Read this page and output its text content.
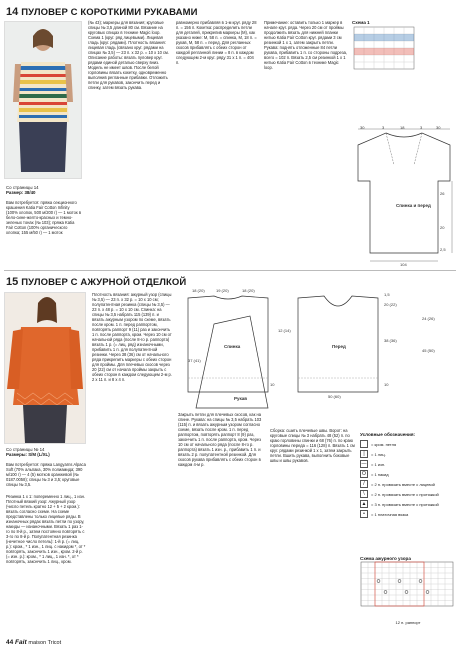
14 ПУЛОВЕР С КОРОТКИМИ РУКАВАМИ
Со страницы 14
Размер: 38/40
Вам потребуется: пряжа секционного крашения Katia Fair Cotton Infinity (100% хлопок, 500 м/200 г) — 1 моток в бело-сине-желто-красных и темно-зеленых тонах (№ 103); пряжа Katia Fair Cotton (100% органического хлопка; 155 м/50 г) — 1 моток
(№ 43); маркеры для вязания; круговые спицы № 3,5 длиной 80 см. Вязание на круговых спицах в технике Magic loop. Схема 1 (круг. ряд лицевыми). Лицевая гладь (круг. рядами). Плотность вязания: лицевая гладь (связано круг. рядами на спицах № 3,5) — 23 п. x 32 р. = 10 x 10 см. Описание работы: вязать пуловер круг. рядами единой деталью сверху вниз. Модель не имеет швов. После белой горловины вязать кокетку, одновременно выполнив регланные прибавки. Отложить петли для рукавов, закончить перед и спинку, затем вязать рукава.
равномерно прибавляя в 1-м круг. ряду 28 п. = 156 п. Кокетка: распределить петли для деталей, прикрепив маркеры (М), как указано ниже: М, 58 п. = спинка, М, 18 п. = рукав, М, 58 п. = перед. Для регланных скосов прибавлять с обеих сторон от каждой регланной линии = 8 п. в каждом следующем 2-м круг. ряду 31 x 1 п. = 404 п.
Примечание: оставить только 1 маркер в начале круг. ряда. Через 20 см от проймы продолжить вязать для нижней планки нитью Katia Fair Cotton круг. рядами 3 см резинкой 1 x 1, затем закрыть петли. Рукава: поднять отложенные 84 петли рукава, прибавить 1 п. со стороны подреза, всего = 102 п. Вязать 2,5 см резинкой 1 x 1 нитью Katia Fair Cotton в технике Magic loop.
Схема 1
Спинка и перед
30	3	18	3	30
26
20
104
2,5
15 ПУЛОВЕР С АЖУРНОЙ ОТДЕЛКОЙ
Со страницы № 14
Размеры: S/M (L/XL)
Вам потребуется: пряжа Langyarns Alpaca Soft (70% альпака, 30% полиамида; 390 м/100 г) — 4 (5) мотков оранжевой (№ 0187.0058); спицы № 3 и 3,5; круговые спицы № 3,5.
Резинка 1 x 1: попеременно 1 лиц., 1 изн. Плотный вязкий узор: Ажурный узор (число петель кратно 12 + 5 + 2 кром.): вязать согласно схеме. На схеме представлены только лицевые ряды. В изнаночных рядах вязать петли по узору, накиды — изнаночными. Вязать 1 раз 1-го по 8-й р., затем постоянно повторять с 3-го по 8-й р. Полупатентная резинка (нечетное число петель): 1-й р. (= лиц. р.): кром., * 1 изн., 1 лиц. с накидом *, от * повторять, закончить 1 изн., кром. 2-й р. (= изн. р.): кром., * 1 лиц., 1 изн. *, от * повторять, закончить 1 лиц., кром.
Плотность вязания: ажурный узор (спицы № 3,5) — 23 п. x 32 р. = 10 x 10 см; полупатентная резинка (спицы № 3,5) — 23 п. x 48 р. = 10 x 10 см. Спинка: на спицы № 3,5 набрать 115 (139) п. и вязать ажурным узором по схеме, вязать после кром. 1 п. перед раппортом, повторять раппорт 9 (11) раз и закончить 1 п. после раппорта, кром. Через 10 см от начальной ряда (после 8-го р. раппорта) вязать 1 р. (= лиц. ряд) изнаночными, прибавить 1 п. для полупатентной резинки. Через 38 (36) см от начального ряда прикрепить маркеры с обеих сторон для проймы. Для плечевых скосов через 20 (22) см от начала проймы закрыть с обеих сторон в каждом следующем 2-м р. 2 x 11 п. и 8 x 4 п.
Закрыть петли для плечевых скосов, как на спине. Рукава: на спицы № 3,5 набрать 103 (115) п. и вязать ажурным узором согласно схеме, вязать после кром. 1 п. перед раппортом, повторять раппорт 8 (9) раз, закончить 1 п. после раппорта, кром. Через 10 см от начального ряда (после 8-го р. раппорта) вязать 1 изн. р., прибавить 1 п. и вязать 2 р. полупатентной резинкой. Для скосов рукава прибавлять с обеих сторон в каждом 4-м р.
Сборка: сшить плечевые швы. Ворот: на круговые спицы № 3 набрать 48 (52) п. по краю горловины спинки и 68 (76) п. по краю горловины переда = 116 (128) п. Вязать 1 см круг. рядами резинкой 1 x 1, затем закрыть петли. Вшить рукава, выполнить боковые швы и швы рукавов.
Спинка	Перед
Рукав
18 (20)	19 (20)	18 (20)
20 (22)
1,5
38 (36)
10
50 (60)
37 (41)
10
12 (14)
24 (26)
45 (50)
Условные обозначения:
= кром. петля
|	= 1 лиц.
—	= 1 изн.
O	= 1 накид
/	= 2 п. провязать вместе с лицевой
\	= 2 п. провязать вместе с протяжкой
▲	= 3 п. провязать вместе с протяжкой
•	= 1 платочная вязка
Схема ажурного узора
12 п. раппорт
44 Fait maison Tricot
